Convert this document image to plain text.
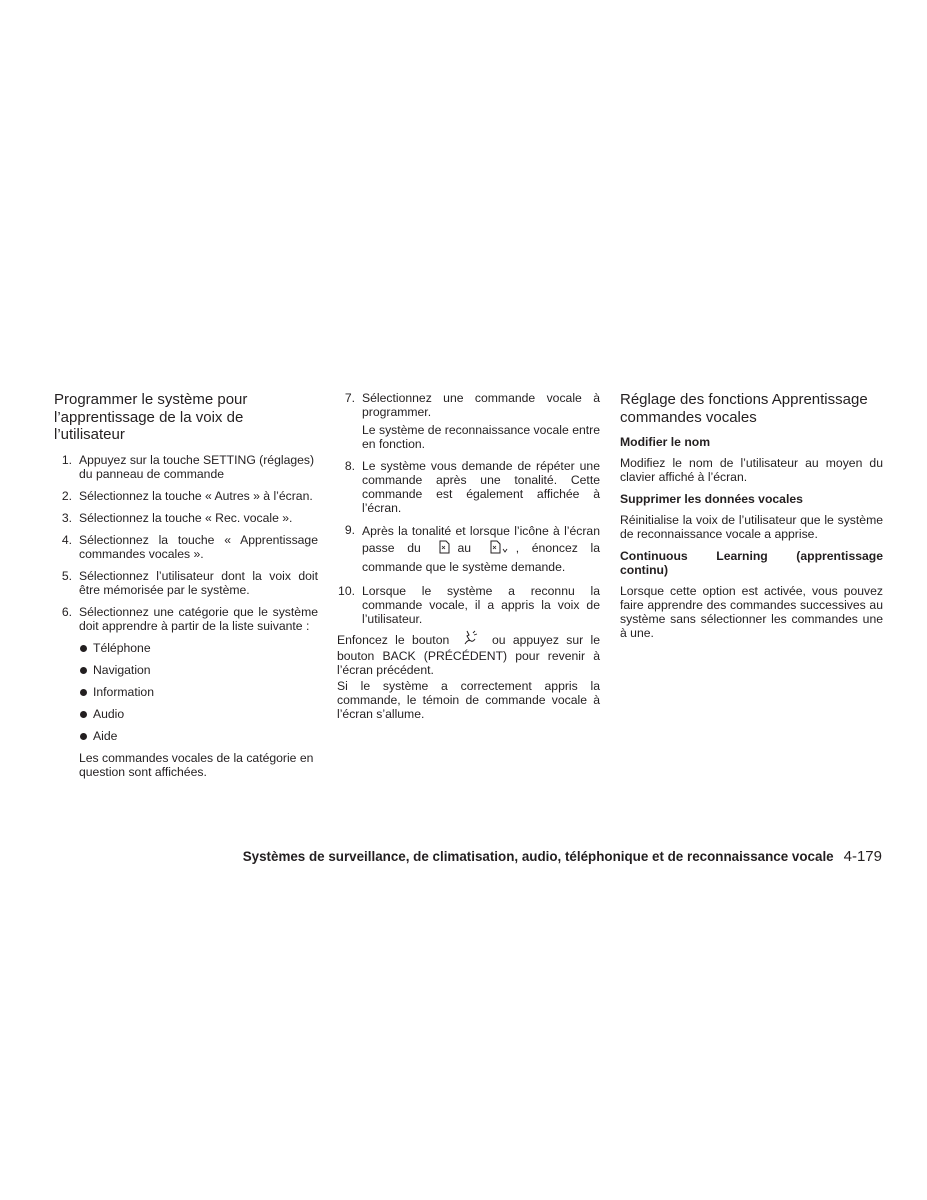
Programmer le système pour l’apprentissage de la voix de l’utilisateur
1. Appuyez sur la touche SETTING (réglages) du panneau de commande
2. Sélectionnez la touche « Autres » à l’écran.
3. Sélectionnez la touche « Rec. vocale ».
4. Sélectionnez la touche « Apprentissage commandes vocales ».
5. Sélectionnez l’utilisateur dont la voix doit être mémorisée par le système.
6. Sélectionnez une catégorie que le système doit apprendre à partir de la liste suivante :
Téléphone
Navigation
Information
Audio
Aide

Les commandes vocales de la catégorie en question sont affichées.

7. Sélectionnez une commande vocale à programmer.

Le système de reconnaissance vocale entre en fonction.

8. Le système vous demande de répéter une commande après une tonalité. Cette commande est également affichée à l’écran.
9. Après la tonalité et lorsque l’icône à l’écran passe du	au	, énoncez la commande que le système demande.
10. Lorsque le système a reconnu la commande vocale, il a appris la voix de l’utilisateur.

Enfoncez le bouton	ou appuyez sur le bouton BACK (PRÉCÉDENT) pour revenir à l’écran précédent.

Si le système a correctement appris la commande, le témoin de commande vocale à l’écran s’allume.

Réglage des fonctions Apprentissage commandes vocales
Modifier le nom

Modifiez le nom de l’utilisateur au moyen du clavier affiché à l’écran.

Supprimer les données vocales

Réinitialise la voix de l’utilisateur que le système de reconnaissance vocale a apprise.

Continuous Learning (apprentissage continu)

Lorsque cette option est activée, vous pouvez faire apprendre des commandes successives au système sans sélectionner les commandes une à une.

Systèmes de surveillance, de climatisation, audio, téléphonique et de reconnaissance vocale 4-179
